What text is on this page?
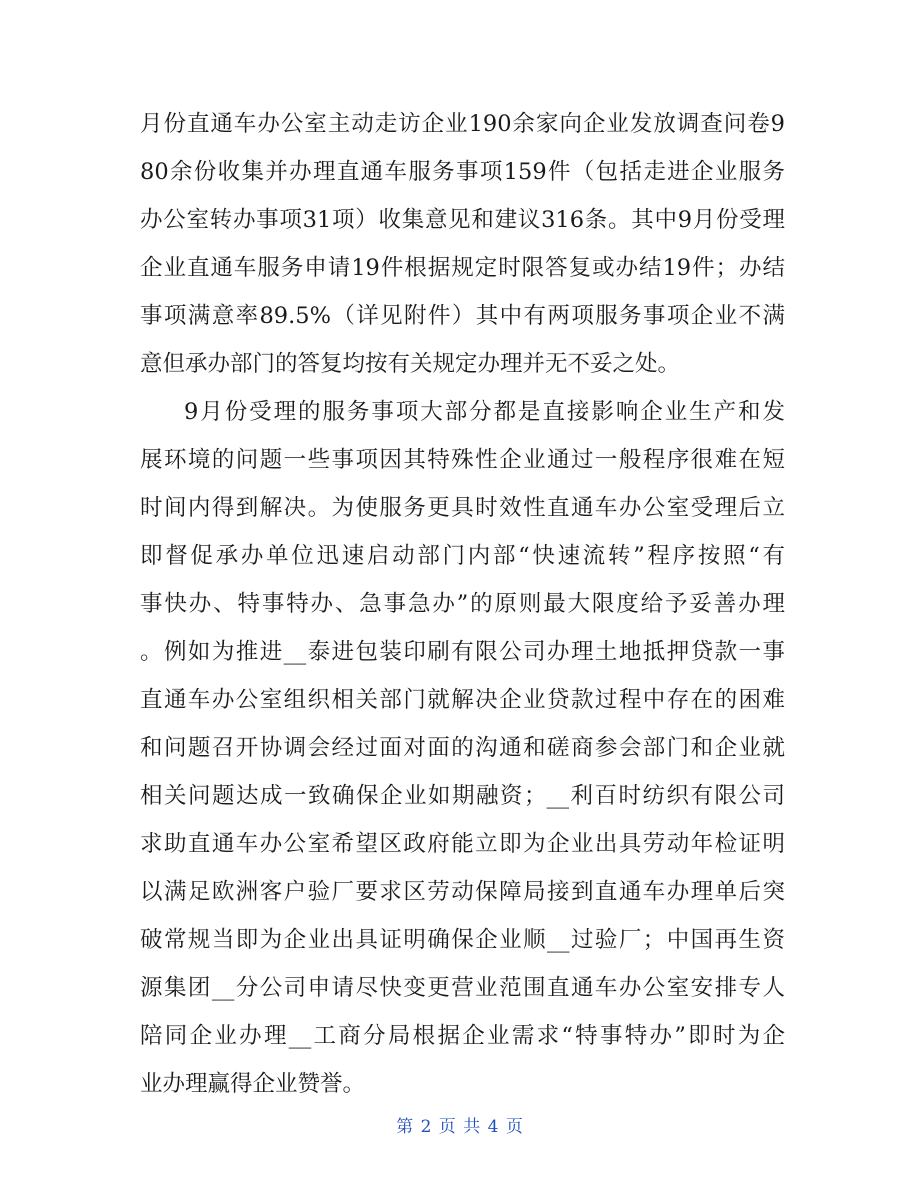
月份直通车办公室主动走访企业190余家向企业发放调查问卷9
80余份收集并办理直通车服务事项159件（包括走进企业服务
办公室转办事项31项）收集意见和建议316条。其中9月份受理
企业直通车服务申请19件根据规定时限答复或办结19件；办结
事项满意率89.5%（详见附件）其中有两项服务事项企业不满
意但承办部门的答复均按有关规定办理并无不妥之处。
9月份受理的服务事项大部分都是直接影响企业生产和发
展环境的问题一些事项因其特殊性企业通过一般程序很难在短
时间内得到解决。为使服务更具时效性直通车办公室受理后立
即督促承办单位迅速启动部门内部“快速流转”程序按照“有
事快办、特事特办、急事急办”的原则最大限度给予妥善办理
。例如为推进__泰进包装印刷有限公司办理土地抵押贷款一事
直通车办公室组织相关部门就解决企业贷款过程中存在的困难
和问题召开协调会经过面对面的沟通和磋商参会部门和企业就
相关问题达成一致确保企业如期融资；__利百时纺织有限公司
求助直通车办公室希望区政府能立即为企业出具劳动年检证明
以满足欧洲客户验厂要求区劳动保障局接到直通车办理单后突
破常规当即为企业出具证明确保企业顺__过验厂；中国再生资
源集团__分公司申请尽快变更营业范围直通车办公室安排专人
陪同企业办理__工商分局根据企业需求“特事特办”即时为企
业办理赢得企业赞誉。
第 2 页 共 4 页
